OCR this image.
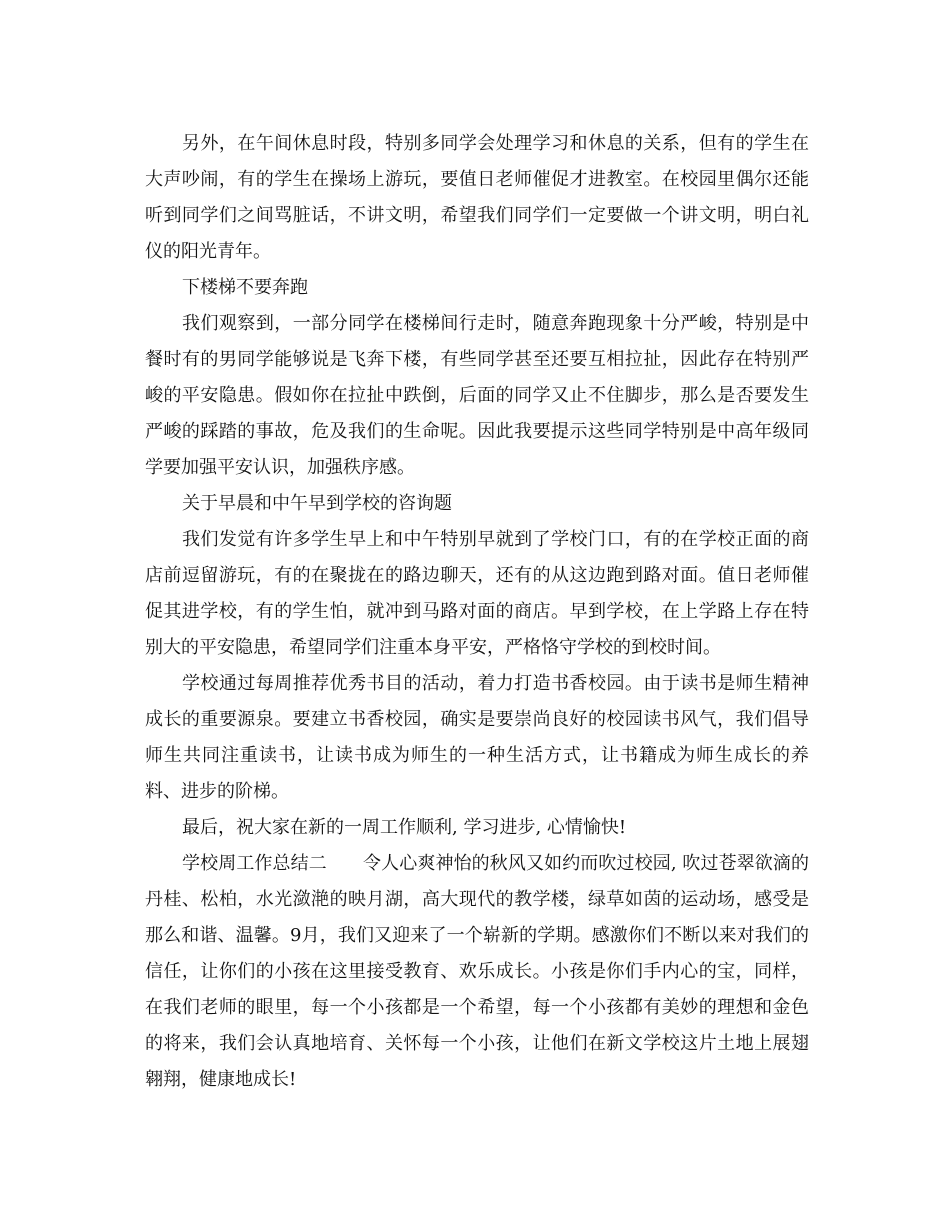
另外，在午间休息时段，特别多同学会处理学习和休息的关系，但有的学生在大声吵闹，有的学生在操场上游玩，要值日老师催促才进教室。在校园里偶尔还能听到同学们之间骂脏话，不讲文明，希望我们同学们一定要做一个讲文明，明白礼仪的阳光青年。

下楼梯不要奔跑

我们观察到，一部分同学在楼梯间行走时，随意奔跑现象十分严峻，特别是中餐时有的男同学能够说是飞奔下楼，有些同学甚至还要互相拉扯，因此存在特别严峻的平安隐患。假如你在拉扯中跌倒，后面的同学又止不住脚步，那么是否要发生严峻的踩踏的事故，危及我们的生命呢。因此我要提示这些同学特别是中高年级同学要加强平安认识，加强秩序感。

关于早晨和中午早到学校的咨询题

我们发觉有许多学生早上和中午特别早就到了学校门口，有的在学校正面的商店前逗留游玩，有的在聚拢在的路边聊天，还有的从这边跑到路对面。值日老师催促其进学校，有的学生怕，就冲到马路对面的商店。早到学校，在上学路上存在特别大的平安隐患，希望同学们注重本身平安，严格恪守学校的到校时间。

学校通过每周推荐优秀书目的活动，着力打造书香校园。由于读书是师生精神成长的重要源泉。要建立书香校园，确实是要崇尚良好的校园读书风气，我们倡导师生共同注重读书，让读书成为师生的一种生活方式，让书籍成为师生成长的养料、进步的阶梯。

最后，祝大家在新的一周工作顺利, 学习进步, 心情愉快!

学校周工作总结二　　令人心爽神怡的秋风又如约而吹过校园, 吹过苍翠欲滴的丹桂、松柏，水光潋滟的映月湖，高大现代的教学楼，绿草如茵的运动场，感受是那么和谐、温馨。9月，我们又迎来了一个崭新的学期。感激你们不断以来对我们的信任，让你们的小孩在这里接受教育、欢乐成长。小孩是你们手内心的宝，同样，在我们老师的眼里，每一个小孩都是一个希望，每一个小孩都有美妙的理想和金色的将来，我们会认真地培育、关怀每一个小孩，让他们在新文学校这片土地上展翅翱翔，健康地成长!
